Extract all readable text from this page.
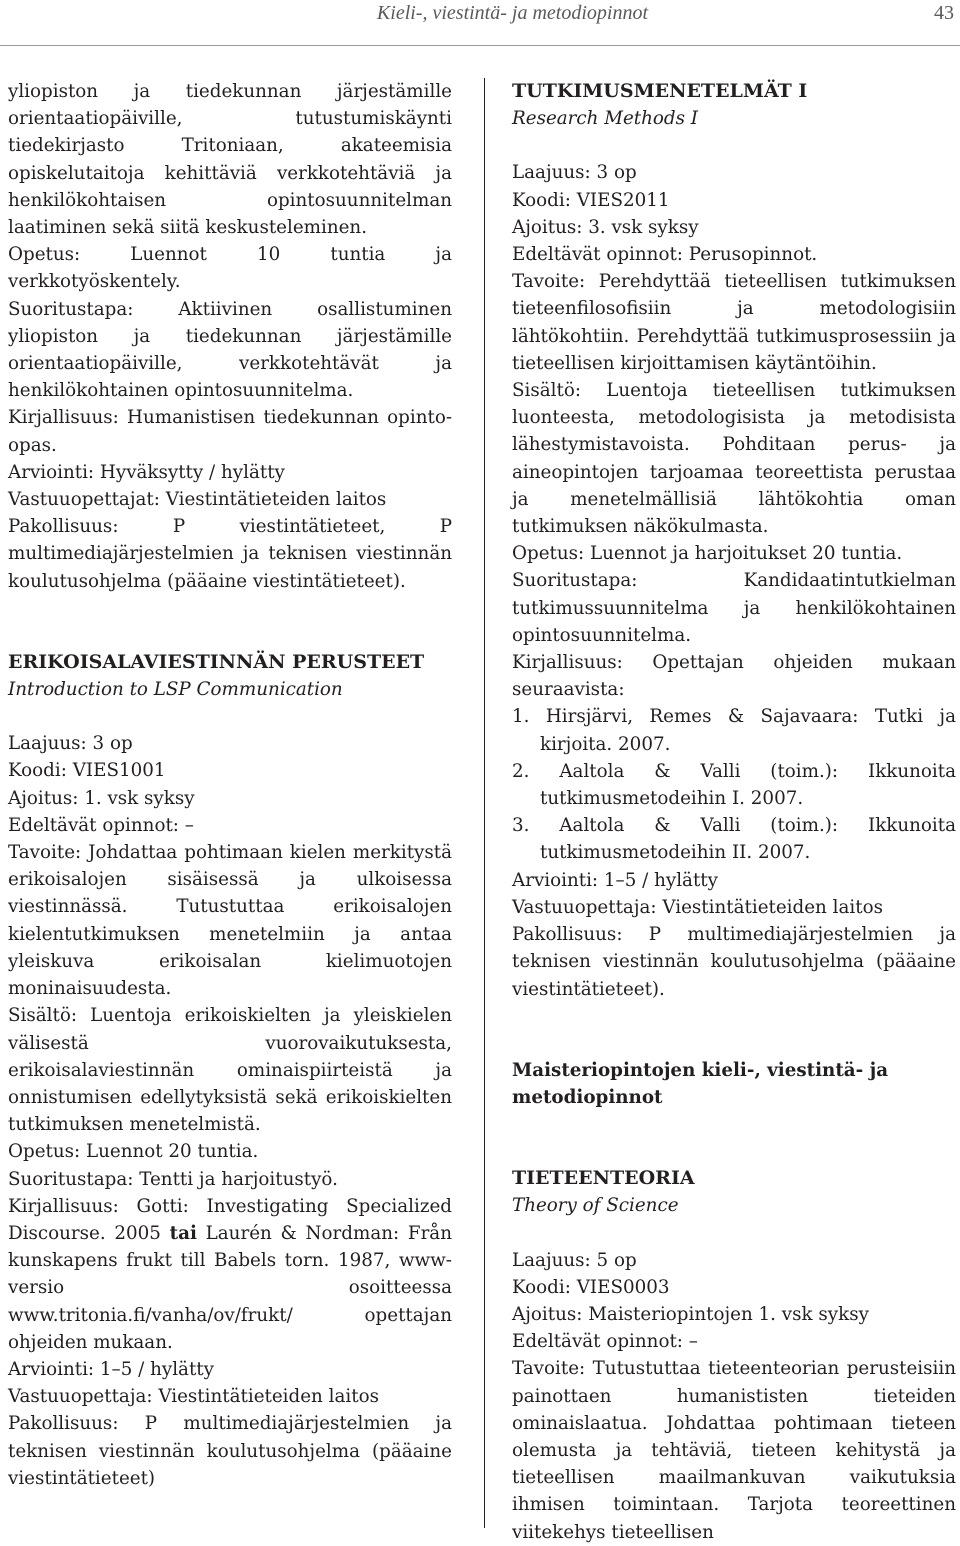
Kieli-, viestintä- ja metodiopinnot	43

yliopiston ja tiedekunnan järjestämille orientaatiopäiville, tutustumiskäynti tiedekirjasto Tritoniaan, akateemisia opiskelutaitoja kehittäviä verkkotehtäviä ja henkilökohtaisen opintosuunnitelman laatiminen sekä siitä keskusteleminen.

Opetus:	Luennot 10 tuntia ja verkkotyöskentely.

Suoritustapa: Aktiivinen osallistuminen yliopiston ja tiedekunnan järjestämille orientaatiopäiville, verkkotehtävät ja henkilökohtainen opintosuunnitelma.

Kirjallisuus: Humanistisen tiedekunnan opinto-opas.

Arviointi: Hyväksytty / hylätty

Vastuuopettajat: Viestintätieteiden laitos

Pakollisuus:	P viestintätieteet, P multimediajärjestelmien ja teknisen viestinnän koulutusohjelma (pääaine viestintätieteet).

ERIKOISALAVIESTINNÄN PERUSTEET

Introduction to LSP Communication

Laajuus: 3 op

Koodi: VIES1001

Ajoitus: 1. vsk syksy

Edeltävät opinnot: –

Tavoite: Johdattaa pohtimaan kielen merkitystä erikoisalojen sisäisessä ja ulkoisessa viestinnässä. Tutustuttaa erikoisalojen kielentutkimuksen menetelmiin ja antaa yleiskuva erikoisalan kielimuotojen moninaisuudesta.

Sisältö: Luentoja erikoiskielten ja yleiskielen välisestä vuorovaikutuksesta, erikoisalaviestinnän ominaispiirteistä ja onnistumisen edellytyksistä sekä erikoiskielten tutkimuksen menetelmistä.

Opetus: Luennot 20 tuntia.

Suoritustapa: Tentti ja harjoitustyö.

Kirjallisuus: Gotti: Investigating Specialized Discourse. 2005 tai Laurén & Nordman: Från kunskapens frukt till Babels torn. 1987, www-versio osoitteessa www.tritonia.fi/vanha/ov/frukt/ opettajan ohjeiden mukaan.

Arviointi: 1–5 / hylätty

Vastuuopettaja: Viestintätieteiden laitos

Pakollisuus: P multimediajärjestelmien ja teknisen viestinnän koulutusohjelma (pääaine viestintätieteet)

TUTKIMUSMENETELMÄT I

Research Methods I

Laajuus: 3 op

Koodi: VIES2011

Ajoitus: 3. vsk syksy

Edeltävät opinnot: Perusopinnot.

Tavoite: Perehdyttää tieteellisen tutkimuksen tieteenfilosofisiin ja metodologisiin lähtökohtiin. Perehdyttää tutkimusprosessiin ja tieteellisen kirjoittamisen käytäntöihin.

Sisältö: Luentoja tieteellisen tutkimuksen luonteesta, metodologisista ja metodisista lähestymistavoista. Pohditaan perus- ja aineopintojen tarjoamaa teoreettista perustaa ja menetelmällisiä lähtökohtia oman tutkimuksen näkökulmasta.

Opetus: Luennot ja harjoitukset 20 tuntia.

Suoritustapa:	Kandidaatintutkielman tutkimussuunnitelma ja henkilökohtainen opintosuunnitelma.

Kirjallisuus: Opettajan ohjeiden mukaan seuraavista:

1. Hirsjärvi, Remes & Sajavaara: Tutki ja kirjoita. 2007.
2. Aaltola & Valli (toim.): Ikkunoita tutkimusmetodeihin I. 2007.
3. Aaltola & Valli (toim.): Ikkunoita tutkimusmetodeihin II. 2007.

Arviointi: 1–5 / hylätty

Vastuuopettaja: Viestintätieteiden laitos

Pakollisuus: P multimediajärjestelmien ja teknisen viestinnän koulutusohjelma (pääaine viestintätieteet).

Maisteriopintojen kieli-, viestintä- ja metodiopinnot
TIETEENTEORIA

Theory of Science

Laajuus: 5 op

Koodi: VIES0003

Ajoitus: Maisteriopintojen 1. vsk syksy

Edeltävät opinnot: –

Tavoite: Tutustuttaa tieteenteorian perusteisiin painottaen humanististen tieteiden ominaislaatua. Johdattaa pohtimaan tieteen olemusta ja tehtäviä, tieteen kehitystä ja tieteellisen maailmankuvan vaikutuksia ihmisen toimintaan. Tarjota teoreettinen viitekehys tieteellisen
